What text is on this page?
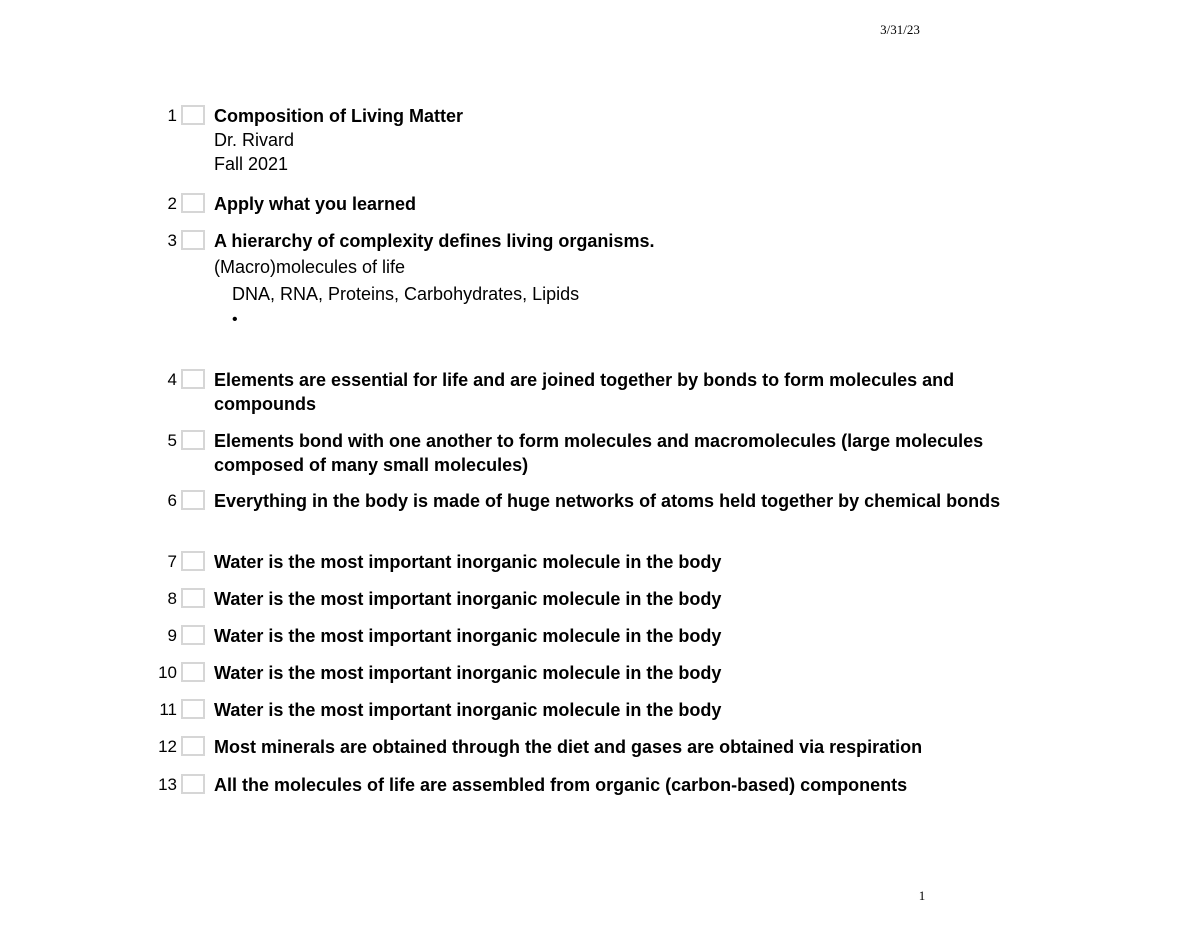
3/31/23
1 Composition of Living Matter

Dr. Rivard

Fall 2021

2 Apply what you learned

3 A hierarchy of complexity defines living organisms.

(Macro)molecules of life

DNA, RNA, Proteins, Carbohydrates, Lipids

•

4 Elements are essential for life and are joined together by bonds to form molecules and compounds

5 Elements bond with one another to form molecules and macromolecules (large molecules composed of many small molecules)

6 Everything in the body is made of huge networks of atoms held together by chemical bonds

7 Water is the most important inorganic molecule in the body

8 Water is the most important inorganic molecule in the body

9 Water is the most important inorganic molecule in the body

10 Water is the most important inorganic molecule in the body

11 Water is the most important inorganic molecule in the body

12 Most minerals are obtained through the diet and gases are obtained via respiration

13 All the molecules of life are assembled from organic (carbon-based) components

1
